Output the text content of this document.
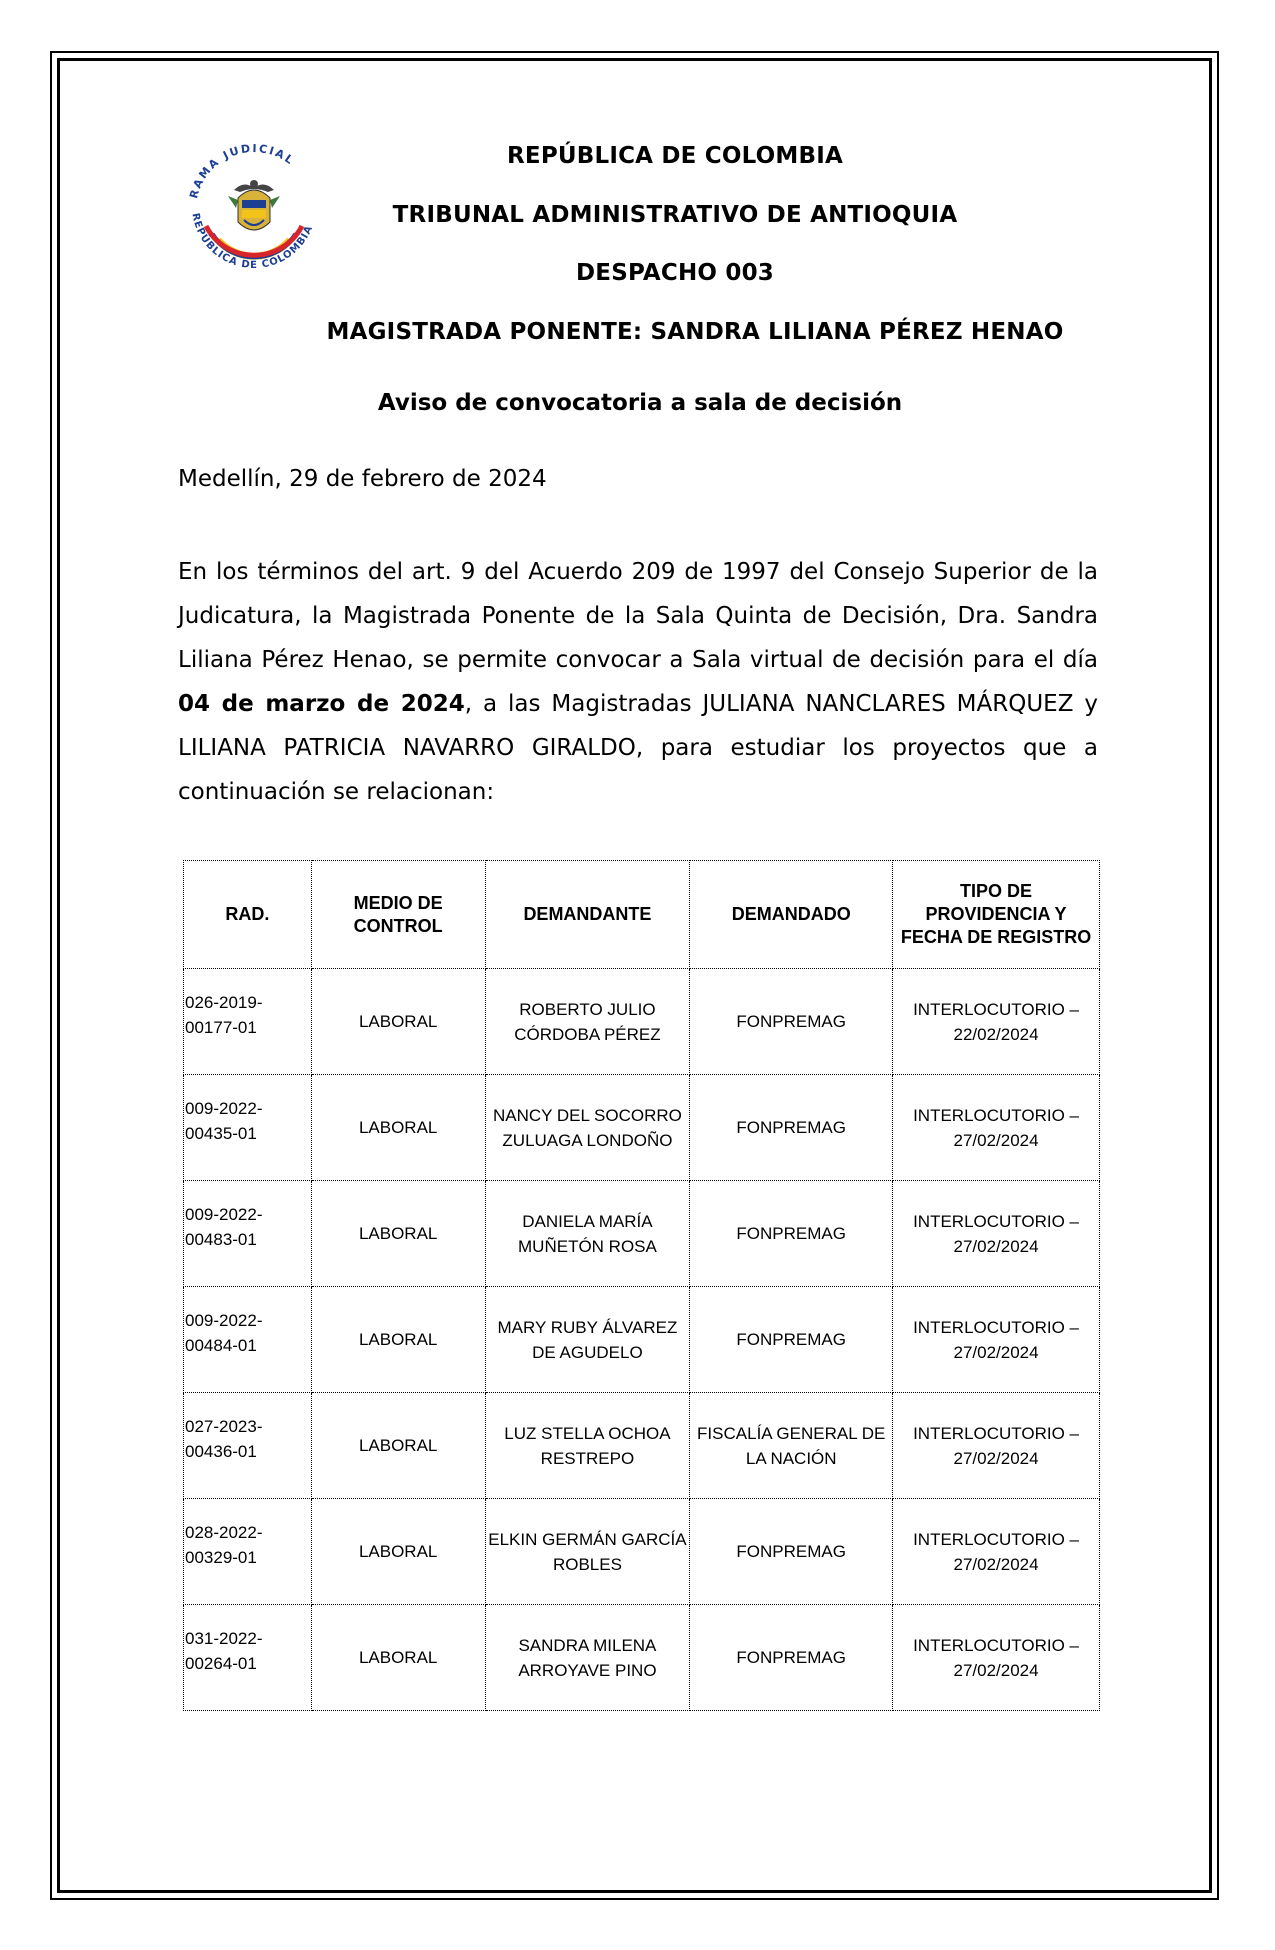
RAMA JUDICIAL
REPÚBLICA DE COLOMBIA
REPÚBLICA DE COLOMBIA
TRIBUNAL ADMINISTRATIVO DE ANTIOQUIA
DESPACHO 003
MAGISTRADA PONENTE: SANDRA LILIANA PÉREZ HENAO
Aviso de convocatoria a sala de decisión
Medellín, 29 de febrero de 2024
En los términos del art. 9 del Acuerdo 209 de 1997 del Consejo Superior de la Judicatura, la Magistrada Ponente de la Sala Quinta de Decisión, Dra. Sandra Liliana Pérez Henao, se permite convocar a Sala virtual de decisión para el día 04 de marzo de 2024, a las Magistradas JULIANA NANCLARES MÁRQUEZ y LILIANA PATRICIA NAVARRO GIRALDO, para estudiar los proyectos que a continuación se relacionan:
RAD.	MEDIO DE CONTROL	DEMANDANTE	DEMANDADO	TIPO DE PROVIDENCIA Y FECHA DE REGISTRO

026-2019-00177-01	LABORAL	ROBERTO JULIO CÓRDOBA PÉREZ	FONPREMAG	INTERLOCUTORIO – 22/02/2024

009-2022-00435-01	LABORAL	NANCY DEL SOCORRO ZULUAGA LONDOÑO	FONPREMAG	INTERLOCUTORIO – 27/02/2024

009-2022-00483-01	LABORAL	DANIELA MARÍA MUÑETÓN ROSA	FONPREMAG	INTERLOCUTORIO – 27/02/2024

009-2022-00484-01	LABORAL	MARY RUBY ÁLVAREZ DE AGUDELO	FONPREMAG	INTERLOCUTORIO – 27/02/2024

027-2023-00436-01	LABORAL	LUZ STELLA OCHOA RESTREPO	FISCALÍA GENERAL DE LA NACIÓN	INTERLOCUTORIO – 27/02/2024

028-2022-00329-01	LABORAL	ELKIN GERMÁN GARCÍA ROBLES	FONPREMAG	INTERLOCUTORIO – 27/02/2024

031-2022-00264-01	LABORAL	SANDRA MILENA ARROYAVE PINO	FONPREMAG	INTERLOCUTORIO – 27/02/2024
